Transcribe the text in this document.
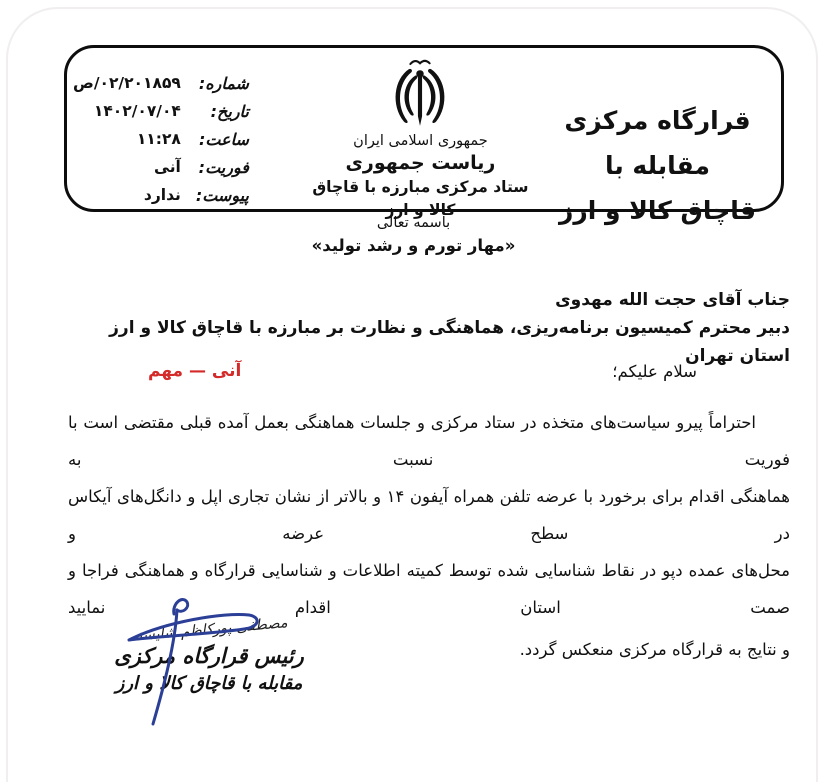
قرارگاه مرکزی مقابله با
قاچاق کالا و ارز
جمهوری اسلامی ایران
ریاست جمهوری
ستاد مرکزی مبارزه با قاچاق کالا و ارز
شماره:
۰۲/۲۰۱۸۵۹/ص
تاریخ:
۱۴۰۲/۰۷/۰۴
ساعت:
۱۱:۲۸
فوریت:
آنی
پیوست:
ندارد
باسمه تعالی
«مهار تورم و رشد تولید»
جناب آقای حجت الله مهدوی
دبیر محترم کمیسیون برنامه‌ریزی، هماهنگی و نظارت بر مبارزه با قاچاق کالا و ارز استان تهران
سلام علیکم؛
آنی — مهم
احتراماً پیرو سیاست‌های متخذه در ستاد مرکزی و جلسات هماهنگی بعمل آمده قبلی مقتضی است با فوریت نسبت به
هماهنگی اقدام برای برخورد با عرضه تلفن همراه آیفون ۱۴ و بالاتر از نشان تجاری اپل و دانگل‌های آیکاس در سطح عرضه و
محل‌های عمده دپو در نقاط شناسایی شده توسط کمیته اطلاعات و شناسایی قرارگاه و هماهنگی فراجا و صمت استان اقدام نمایید
و نتایج به قرارگاه مرکزی منعکس گردد.
مصطفی پورکاظم شایسته
رئیس قرارگاه مرکزی
مقابله با قاچاق کالا و ارز
